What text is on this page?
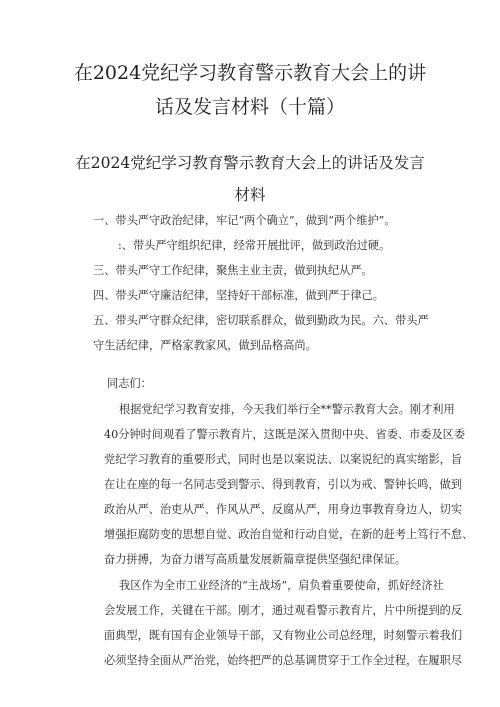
在2024党纪学习教育警示教育大会上的讲
话及发言材料（十篇）
在2024党纪学习教育警示教育大会上的讲话及发言
材料
一、带头严守政治纪律，牢记“两个确立”，做到“两个维护”。
:、带头严守组织纪律，经常开展批评，做到政治过硬。
三、带头严守工作纪律，聚焦主业主责，做到执纪从严。
四、带头严守廉洁纪律，坚持好干部标准，做到严于律己。
五、带头严守群众纪律，密切联系群众，做到勤政为民。六、带头严
守生活纪律，严格家教家风，做到品格高尚。
同志们：
根据党纪学习教育安排，今天我们举行全**警示教育大会。刚才利用
40分钟时间观看了警示教育片，这既是深入贯彻中央、省委、市委及区委
党纪学习教育的重要形式，同时也是以案说法、以案说纪的真实缩影，旨
在让在座的每一名同志受到警示、得到教育，引以为戒、警钟长鸣，做到
政治从严、治吏从严、作风从严、反腐从严，用身边事教育身边人，切实
增强拒腐防变的思想自觉、政治自觉和行动自觉，在新的赶考上笃行不怠、
奋力拼搏，为奋力谱写高质量发展新篇章提供坚强纪律保证。
我区作为全市工业经济的“主战场”，肩负着重要使命，抓好经济社
会发展工作，关键在干部。刚才，通过观看警示教育片，片中所提到的反
面典型，既有国有企业领导干部，又有物业公司总经理，时刻警示着我们
必须坚持全面从严治党，始终把严的总基调贯穿于工作全过程，在履职尽
